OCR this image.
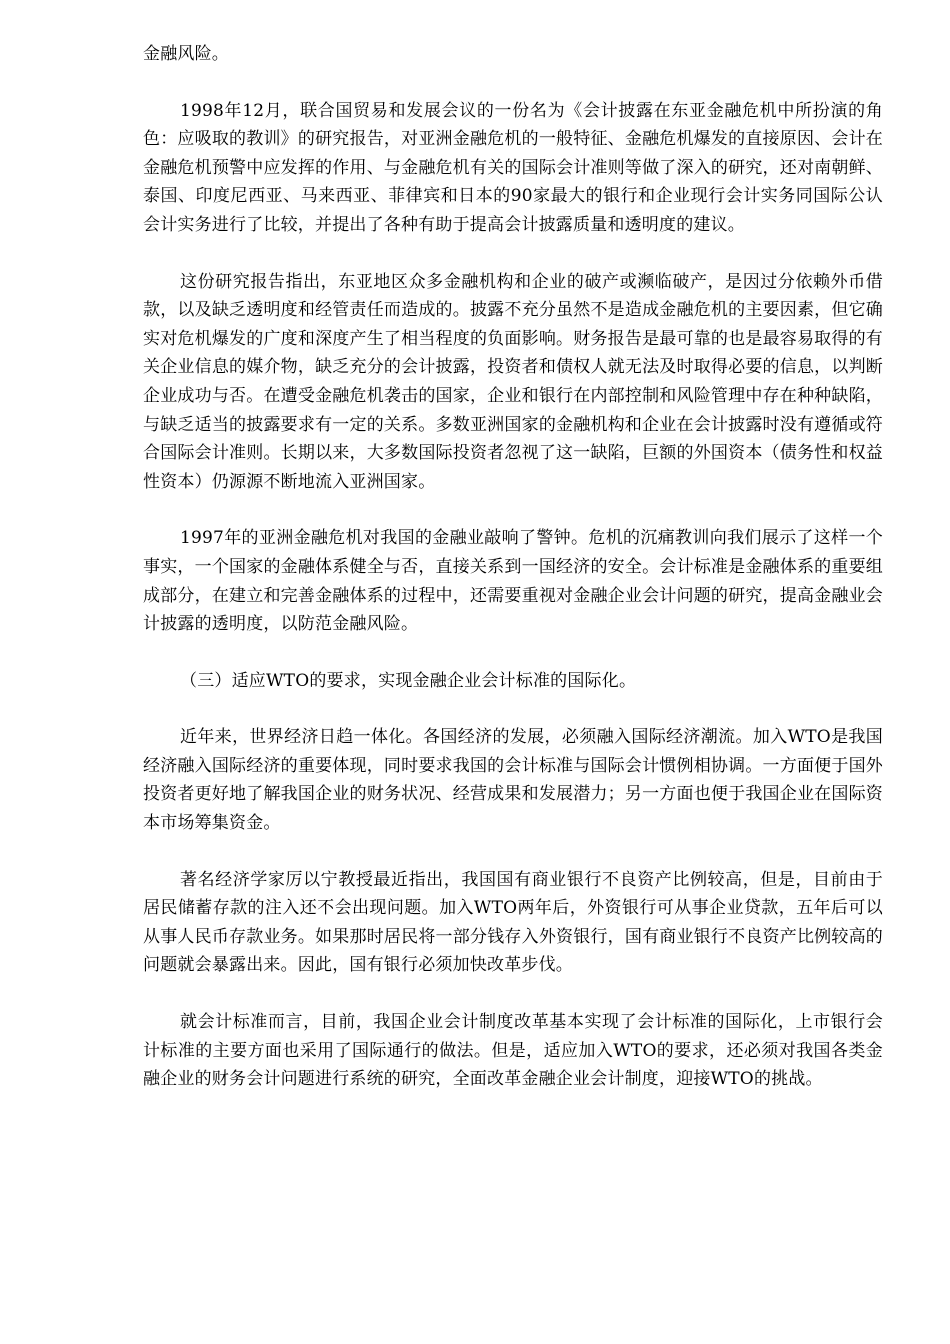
金融风险。

1998年12月，联合国贸易和发展会议的一份名为《会计披露在东亚金融危机中所扮演的角色：应吸取的教训》的研究报告，对亚洲金融危机的一般特征、金融危机爆发的直接原因、会计在金融危机预警中应发挥的作用、与金融危机有关的国际会计准则等做了深入的研究，还对南朝鲜、泰国、印度尼西亚、马来西亚、菲律宾和日本的90家最大的银行和企业现行会计实务同国际公认会计实务进行了比较，并提出了各种有助于提高会计披露质量和透明度的建议。

这份研究报告指出，东亚地区众多金融机构和企业的破产或濒临破产，是因过分依赖外币借款，以及缺乏透明度和经管责任而造成的。披露不充分虽然不是造成金融危机的主要因素，但它确实对危机爆发的广度和深度产生了相当程度的负面影响。财务报告是最可靠的也是最容易取得的有关企业信息的媒介物，缺乏充分的会计披露，投资者和债权人就无法及时取得必要的信息，以判断企业成功与否。在遭受金融危机袭击的国家，企业和银行在内部控制和风险管理中存在种种缺陷，与缺乏适当的披露要求有一定的关系。多数亚洲国家的金融机构和企业在会计披露时没有遵循或符合国际会计准则。长期以来，大多数国际投资者忽视了这一缺陷，巨额的外国资本（债务性和权益性资本）仍源源不断地流入亚洲国家。

1997年的亚洲金融危机对我国的金融业敲响了警钟。危机的沉痛教训向我们展示了这样一个事实，一个国家的金融体系健全与否，直接关系到一国经济的安全。会计标准是金融体系的重要组成部分，在建立和完善金融体系的过程中，还需要重视对金融企业会计问题的研究，提高金融业会计披露的透明度，以防范金融风险。

（三）适应WTO的要求，实现金融企业会计标准的国际化。

近年来，世界经济日趋一体化。各国经济的发展，必须融入国际经济潮流。加入WTO是我国经济融入国际经济的重要体现，同时要求我国的会计标准与国际会计惯例相协调。一方面便于国外投资者更好地了解我国企业的财务状况、经营成果和发展潜力；另一方面也便于我国企业在国际资本市场筹集资金。

著名经济学家厉以宁教授最近指出，我国国有商业银行不良资产比例较高，但是，目前由于居民储蓄存款的注入还不会出现问题。加入WTO两年后，外资银行可从事企业贷款，五年后可以从事人民币存款业务。如果那时居民将一部分钱存入外资银行，国有商业银行不良资产比例较高的问题就会暴露出来。因此，国有银行必须加快改革步伐。

就会计标准而言，目前，我国企业会计制度改革基本实现了会计标准的国际化，上市银行会计标准的主要方面也采用了国际通行的做法。但是，适应加入WTO的要求，还必须对我国各类金融企业的财务会计问题进行系统的研究，全面改革金融企业会计制度，迎接WTO的挑战。
